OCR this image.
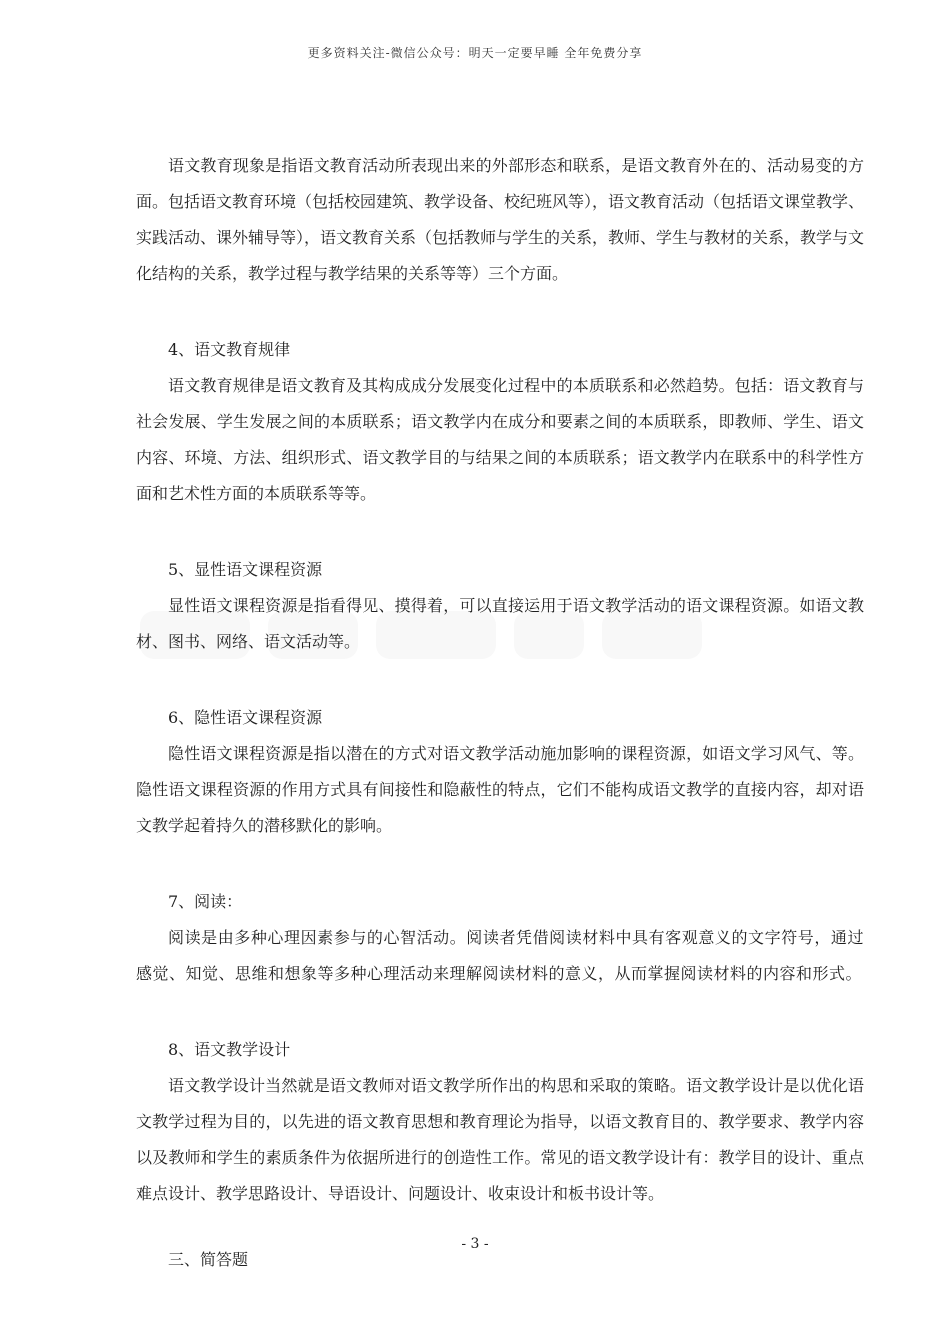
更多资料关注-微信公众号：明天一定要早睡 全年免费分享

语文教育现象是指语文教育活动所表现出来的外部形态和联系，是语文教育外在的、活动易变的方面。包括语文教育环境（包括校园建筑、教学设备、校纪班风等），语文教育活动（包括语文课堂教学、实践活动、课外辅导等），语文教育关系（包括教师与学生的关系，教师、学生与教材的关系，教学与文化结构的关系，教学过程与教学结果的关系等等）三个方面。

4、语文教育规律

语文教育规律是语文教育及其构成成分发展变化过程中的本质联系和必然趋势。包括：语文教育与社会发展、学生发展之间的本质联系；语文教学内在成分和要素之间的本质联系，即教师、学生、语文内容、环境、方法、组织形式、语文教学目的与结果之间的本质联系；语文教学内在联系中的科学性方面和艺术性方面的本质联系等等。

5、显性语文课程资源

显性语文课程资源是指看得见、摸得着，可以直接运用于语文教学活动的语文课程资源。如语文教材、图书、网络、语文活动等。

6、隐性语文课程资源

隐性语文课程资源是指以潜在的方式对语文教学活动施加影响的课程资源，如语文学习风气、等。隐性语文课程资源的作用方式具有间接性和隐蔽性的特点，它们不能构成语文教学的直接内容，却对语文教学起着持久的潜移默化的影响。

7、阅读：

阅读是由多种心理因素参与的心智活动。阅读者凭借阅读材料中具有客观意义的文字符号，通过感觉、知觉、思维和想象等多种心理活动来理解阅读材料的意义，从而掌握阅读材料的内容和形式。

8、语文教学设计

语文教学设计当然就是语文教师对语文教学所作出的构思和采取的策略。语文教学设计是以优化语文教学过程为目的，以先进的语文教育思想和教育理论为指导，以语文教育目的、教学要求、教学内容以及教师和学生的素质条件为依据所进行的创造性工作。常见的语文教学设计有：教学目的设计、重点难点设计、教学思路设计、导语设计、问题设计、收束设计和板书设计等。

三、简答题

- 3 -
